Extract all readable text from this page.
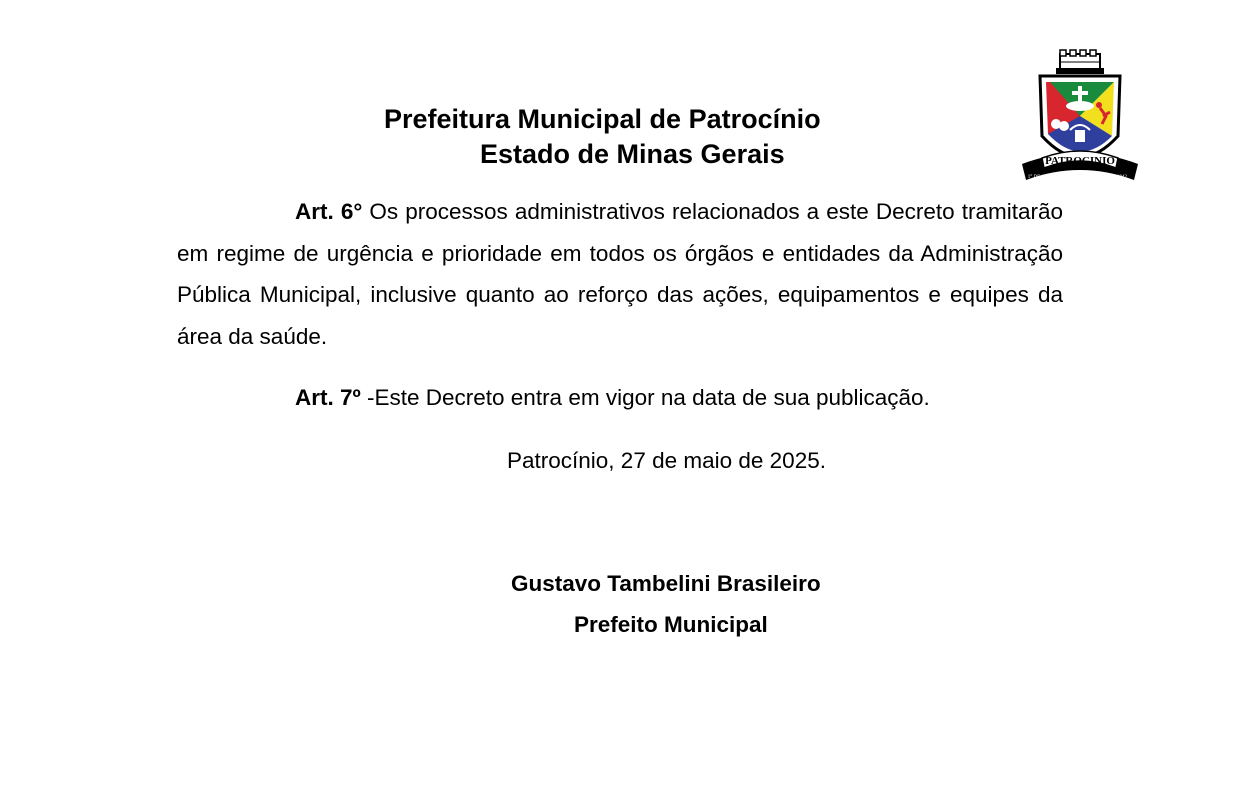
Prefeitura Municipal de Patrocínio
Estado de Minas Gerais	PATROCINIO
1° DE ABRIL	DE 1842

Art. 6° Os processos administrativos relacionados a este Decreto tramitarão em regime de urgência e prioridade em todos os órgãos e entidades da Administração Pública Municipal, inclusive quanto ao reforço das ações, equipamentos e equipes da área da saúde.

Art. 7º -Este Decreto entra em vigor na data de sua publicação.

Patrocínio, 27 de maio de 2025.
Gustavo Tambelini Brasileiro
Prefeito Municipal
